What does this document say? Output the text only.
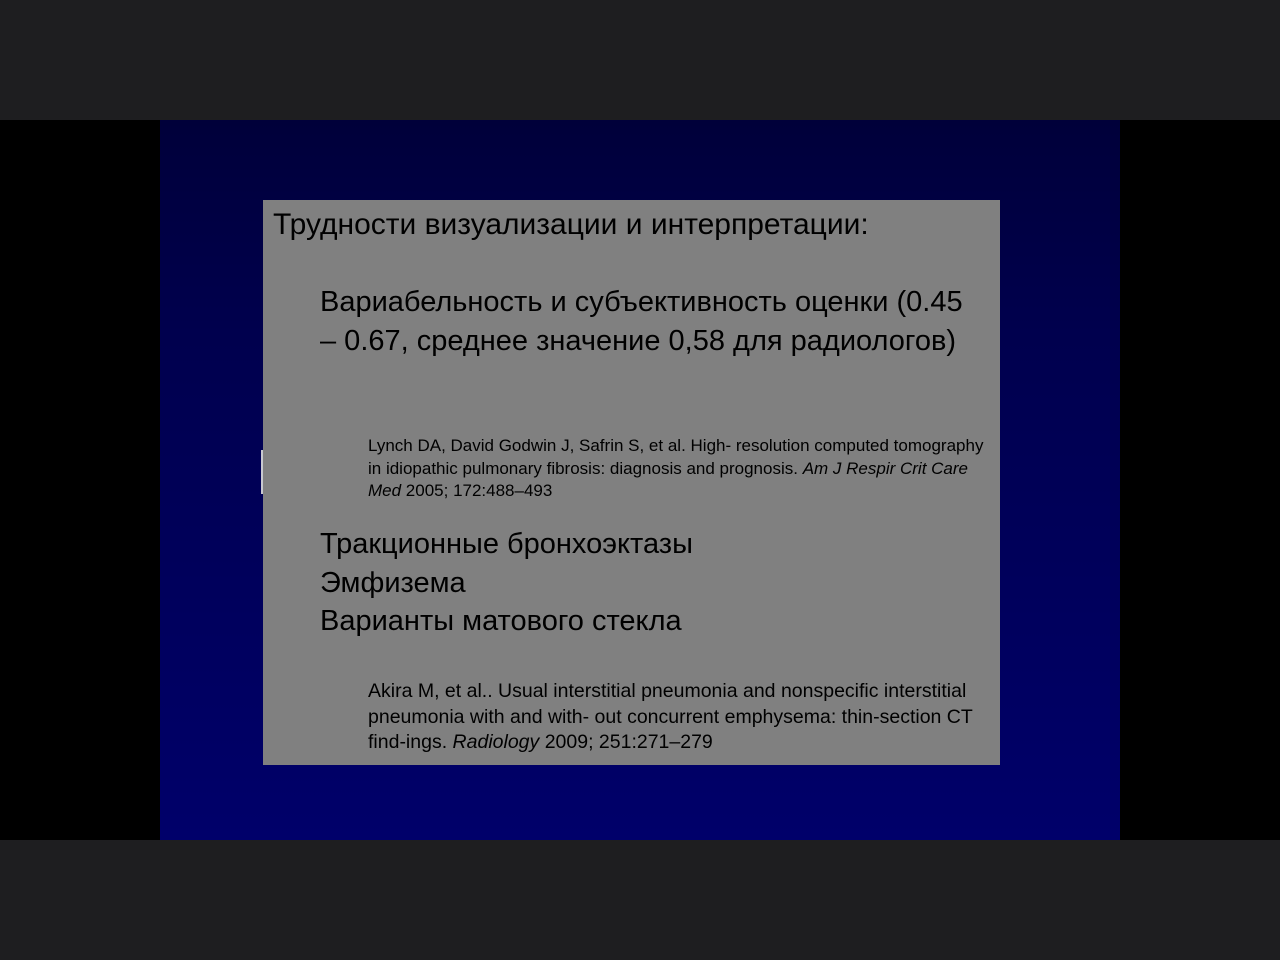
Трудности визуализации и интерпретации:
Вариабельность и субъективность оценки (0.45 – 0.67, среднее значение 0,58 для радиологов)
Lynch DA, David Godwin J, Safrin S, et al. High- resolution computed tomography in idiopathic pulmonary fibrosis: diagnosis and prognosis. Am J Respir Crit Care Med 2005; 172:488–493
Тракционные бронхоэктазы
Эмфизема
Варианты матового стекла
Akira M, et al.. Usual interstitial pneumonia and nonspecific interstitial pneumonia with and with- out concurrent emphysema: thin-section CT find-ings. Radiology 2009; 251:271–279
